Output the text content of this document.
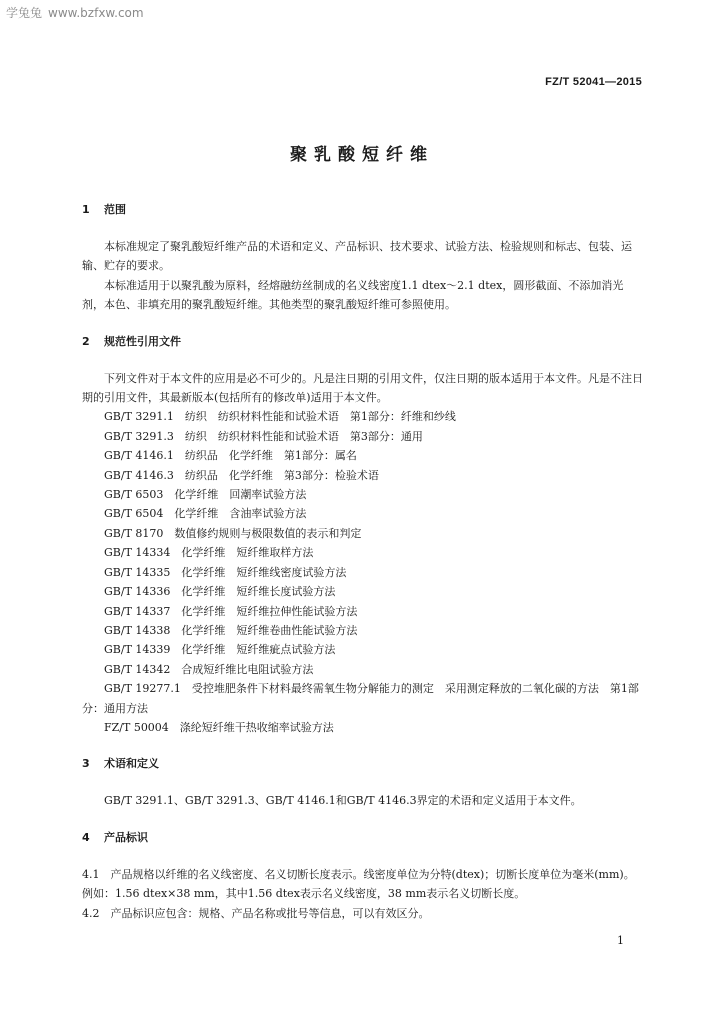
学兔兔 www.bzfxw.com
FZ/T 52041—2015
聚乳酸短纤维
1 范围

本标准规定了聚乳酸短纤维产品的术语和定义、产品标识、技术要求、试验方法、检验规则和标志、包装、运输、贮存的要求。

本标准适用于以聚乳酸为原料，经熔融纺丝制成的名义线密度1.1 dtex～2.1 dtex，圆形截面、不添加消光剂，本色、非填充用的聚乳酸短纤维。其他类型的聚乳酸短纤维可参照使用。

2 规范性引用文件

下列文件对于本文件的应用是必不可少的。凡是注日期的引用文件，仅注日期的版本适用于本文件。凡是不注日期的引用文件，其最新版本(包括所有的修改单)适用于本文件。

GB/T 3291.1　纺织　纺织材料性能和试验术语　第1部分：纤维和纱线

GB/T 3291.3　纺织　纺织材料性能和试验术语　第3部分：通用

GB/T 4146.1　纺织品　化学纤维　第1部分：属名

GB/T 4146.3　纺织品　化学纤维　第3部分：检验术语

GB/T 6503　化学纤维　回潮率试验方法

GB/T 6504　化学纤维　含油率试验方法

GB/T 8170　数值修约规则与极限数值的表示和判定

GB/T 14334　化学纤维　短纤维取样方法

GB/T 14335　化学纤维　短纤维线密度试验方法

GB/T 14336　化学纤维　短纤维长度试验方法

GB/T 14337　化学纤维　短纤维拉伸性能试验方法

GB/T 14338　化学纤维　短纤维卷曲性能试验方法

GB/T 14339　化学纤维　短纤维疵点试验方法

GB/T 14342　合成短纤维比电阻试验方法

GB/T 19277.1　受控堆肥条件下材料最终需氧生物分解能力的测定　采用测定释放的二氧化碳的方法　第1部分：通用方法

FZ/T 50004　涤纶短纤维干热收缩率试验方法

3 术语和定义

GB/T 3291.1、GB/T 3291.3、GB/T 4146.1和GB/T 4146.3界定的术语和定义适用于本文件。

4 产品标识

4.1　产品规格以纤维的名义线密度、名义切断长度表示。线密度单位为分特(dtex)；切断长度单位为毫米(mm)。例如：1.56 dtex×38 mm，其中1.56 dtex表示名义线密度，38 mm表示名义切断长度。

4.2　产品标识应包含：规格、产品名称或批号等信息，可以有效区分。

1
